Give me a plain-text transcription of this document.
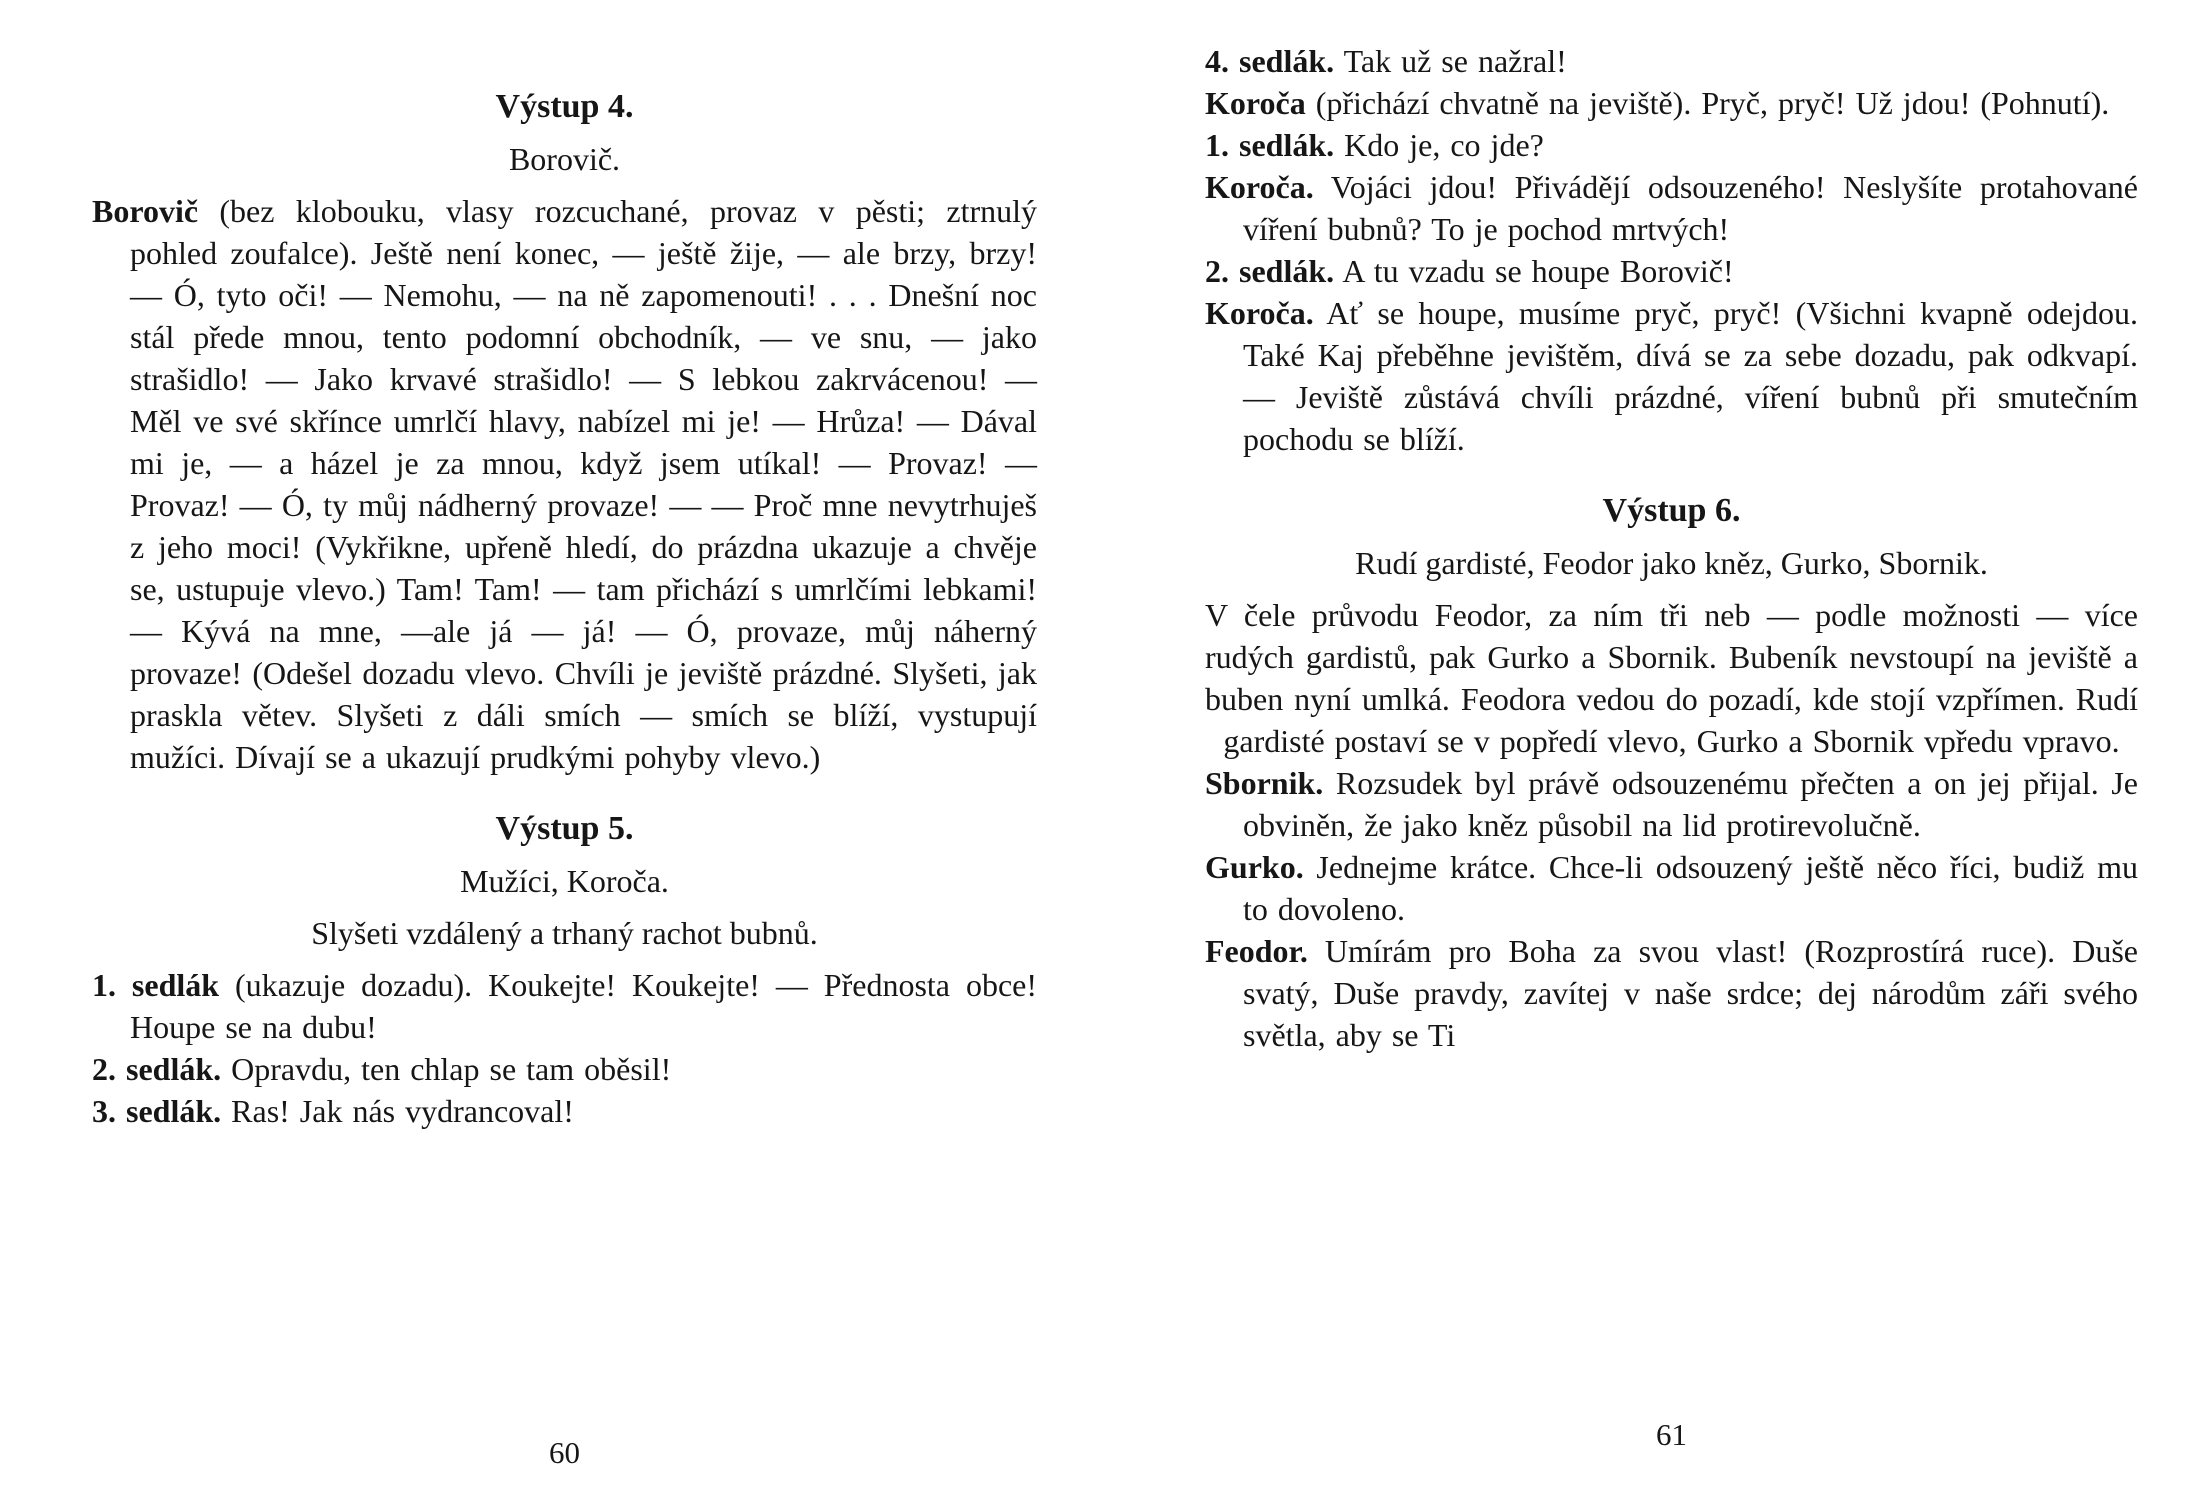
Výstup 4.

Borovič.

Borovič (bez klobouku, vlasy rozcuchané, provaz v pěsti; ztrnulý pohled zoufalce). Ještě není konec, — ještě žije, — ale brzy, brzy! — Ó, tyto oči! — Nemohu, — na ně zapomenouti! . . . Dnešní noc stál přede mnou, tento podomní obchodník, — ve snu, — jako strašidlo! — Jako krvavé strašidlo! — S lebkou zakrvácenou! — Měl ve své skřínce umrlčí hlavy, nabízel mi je! — Hrůza! — Dával mi je, — a házel je za mnou, když jsem utíkal! — Provaz! — Provaz! — Ó, ty můj nádherný provaze! — — Proč mne nevytrhuješ z jeho moci! (Vykřikne, upřeně hledí, do prázdna ukazuje a chvěje se, ustupuje vlevo.) Tam! Tam! — tam přichází s umrlčími lebkami! — Kývá na mne, —ale já — já! — Ó, provaze, můj náherný provaze! (Odešel dozadu vlevo. Chvíli je jeviště prázdné. Slyšeti, jak praskla větev. Slyšeti z dáli smích — smích se blíží, vystupují mužíci. Dívají se a ukazují prudkými pohyby vlevo.)

Výstup 5.

Mužíci, Koroča.

Slyšeti vzdálený a trhaný rachot bubnů.

1. sedlák (ukazuje dozadu). Koukejte! Koukejte! — Přednosta obce! Houpe se na dubu!

2. sedlák. Opravdu, ten chlap se tam oběsil!

3. sedlák. Ras! Jak nás vydrancoval!

60

4. sedlák. Tak už se nažral!

Koroča (přichází chvatně na jeviště). Pryč, pryč! Už jdou! (Pohnutí).

1. sedlák. Kdo je, co jde?

Koroča. Vojáci jdou! Přivádějí odsouzeného! Neslyšíte protahované víření bubnů? To je pochod mrtvých!

2. sedlák. A tu vzadu se houpe Borovič!

Koroča. Ať se houpe, musíme pryč, pryč! (Všichni kvapně odejdou. Také Kaj přeběhne jevištěm, dívá se za sebe dozadu, pak odkvapí. — Jeviště zůstává chvíli prázdné, víření bubnů při smutečním pochodu se blíží.

Výstup 6.

Rudí gardisté, Feodor jako kněz, Gurko, Sbornik.

V čele průvodu Feodor, za ním tři neb — podle možnosti — více rudých gardistů, pak Gurko a Sbornik. Bubeník nevstoupí na jeviště a buben nyní umlká. Feodora vedou do pozadí, kde stojí vzpřímen. Rudí gardisté postaví se v popředí vlevo, Gurko a Sbornik vpředu vpravo.

Sbornik. Rozsudek byl právě odsouzenému přečten a on jej přijal. Je obviněn, že jako kněz působil na lid protirevolučně.

Gurko. Jednejme krátce. Chce-li odsouzený ještě něco říci, budiž mu to dovoleno.

Feodor. Umírám pro Boha za svou vlast! (Rozprostírá ruce). Duše svatý, Duše pravdy, zavítej v naše srdce; dej národům záři svého světla, aby se Ti

61
